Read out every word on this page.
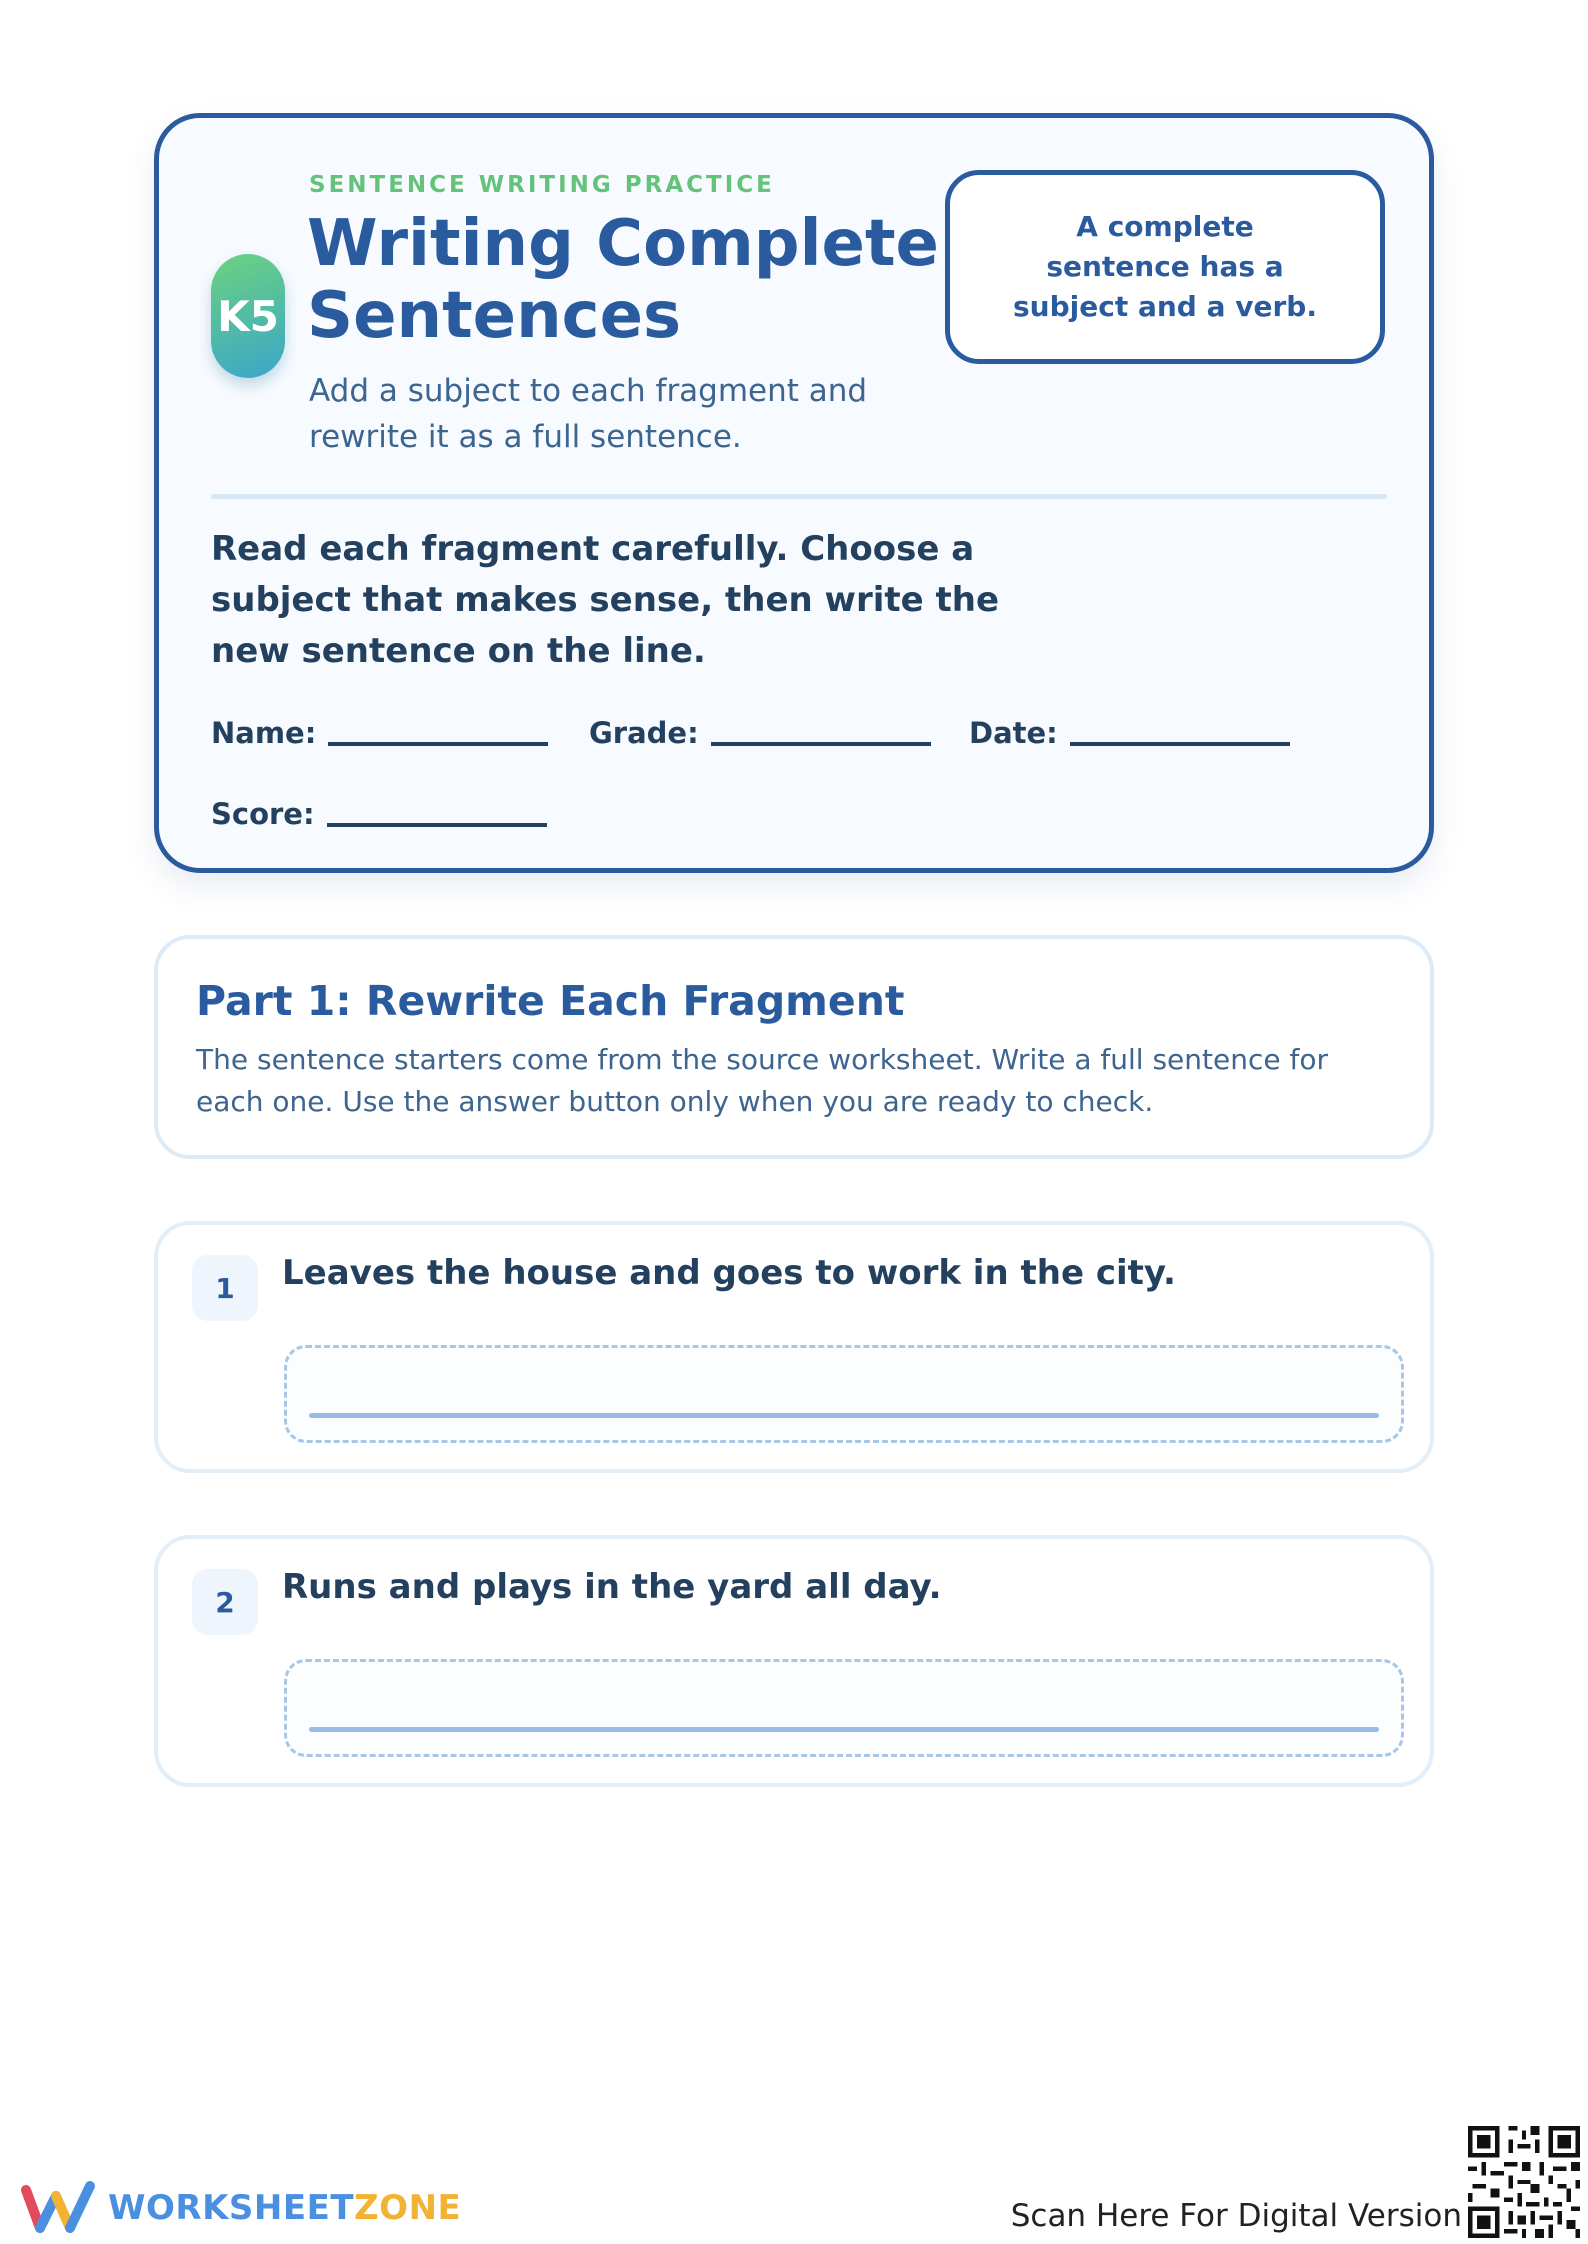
K5
SENTENCE WRITING PRACTICE
Writing Complete Sentences
Add a subject to each fragment and rewrite it as a full sentence.
A complete sentence has a subject and a verb.
Read each fragment carefully. Choose a subject that makes sense, then write the new sentence on the line.
Name:	Grade:	Date:
Score:
Part 1: Rewrite Each Fragment
The sentence starters come from the source worksheet. Write a full sentence for each one. Use the answer button only when you are ready to check.
1	Leaves the house and goes to work in the city.
2	Runs and plays in the yard all day.
WORKSHEETZONE	Scan Here For Digital Version
